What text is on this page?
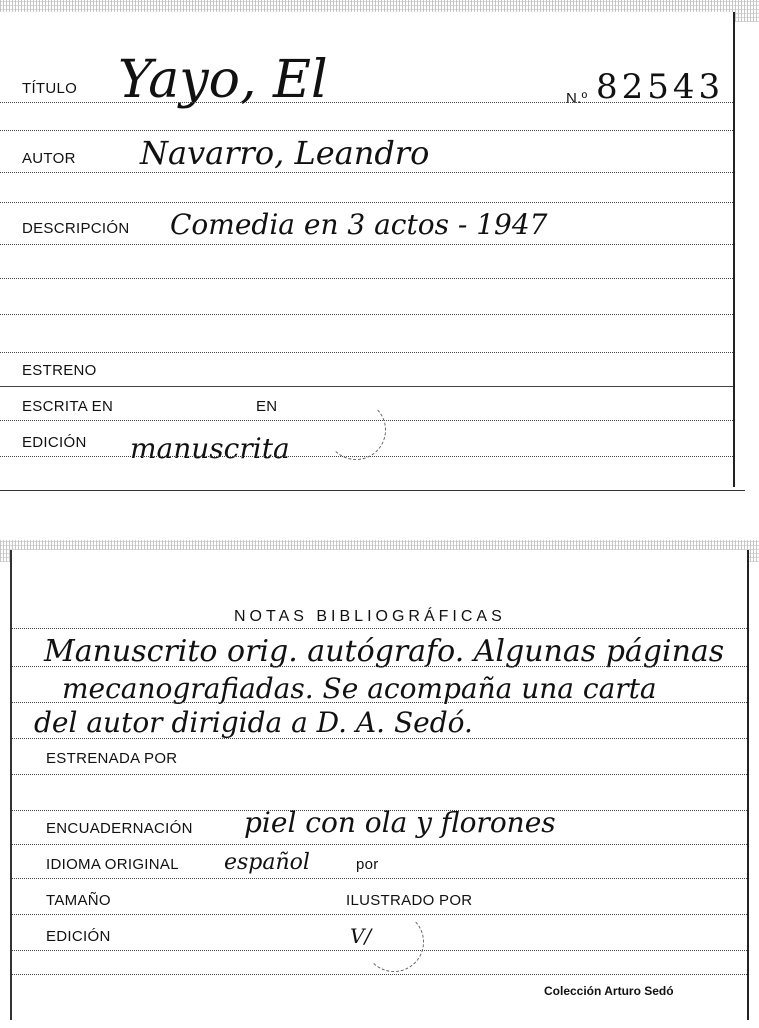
TÍTULO Yayo, El	N.º 82543
AUTOR Navarro, Leandro
DESCRIPCIÓN Comedia en 3 actos - 1947
ESTRENO
ESCRITA EN	EN
EDICIÓN manuscrita
NOTAS BIBLIOGRÁFICAS
Manuscrito orig. autógrafo. Algunas páginas
mecanografiadas. Se acompaña una carta
del autor dirigida a D. A. Sedó.
ESTRENADA POR
ENCUADERNACIÓN piel con ola y florones
IDIOMA ORIGINAL español	por
TAMAÑO	ILUSTRADO POR
EDICIÓN	V/
Colección Arturo Sedó
